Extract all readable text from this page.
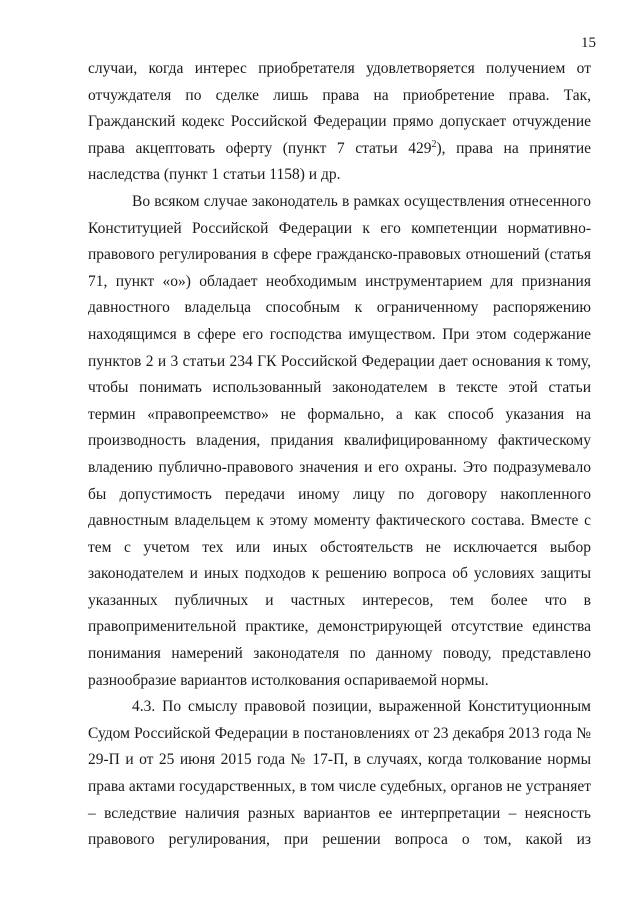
15

случаи, когда интерес приобретателя удовлетворяется получением от отчуждателя по сделке лишь права на приобретение права. Так, Гражданский кодекс Российской Федерации прямо допускает отчуждение права акцептовать оферту (пункт 7 статьи $429^2$), права на принятие наследства (пункт 1 статьи 1158) и др.

Во всяком случае законодатель в рамках осуществления отнесенного Конституцией Российской Федерации к его компетенции нормативно-правового регулирования в сфере гражданско-правовых отношений (статья 71, пункт «о») обладает необходимым инструментарием для признания давностного владельца способным к ограниченному распоряжению находящимся в сфере его господства имуществом. При этом содержание пунктов 2 и 3 статьи 234 ГК Российской Федерации дает основания к тому, чтобы понимать использованный законодателем в тексте этой статьи термин «правопреемство» не формально, а как способ указания на производность владения, придания квалифицированному фактическому владению публично-правового значения и его охраны. Это подразумевало бы допустимость передачи иному лицу по договору накопленного давностным владельцем к этому моменту фактического состава. Вместе с тем с учетом тех или иных обстоятельств не исключается выбор законодателем и иных подходов к решению вопроса об условиях защиты указанных публичных и частных интересов, тем более что в правоприменительной практике, демонстрирующей отсутствие единства понимания намерений законодателя по данному поводу, представлено разнообразие вариантов истолкования оспариваемой нормы.

4.3. По смыслу правовой позиции, выраженной Конституционным Судом Российской Федерации в постановлениях от 23 декабря 2013 года № 29-П и от 25 июня 2015 года № 17-П, в случаях, когда толкование нормы права актами государственных, в том числе судебных, органов не устраняет – вследствие наличия разных вариантов ее интерпретации – неясность правового регулирования, при решении вопроса о том, какой из
